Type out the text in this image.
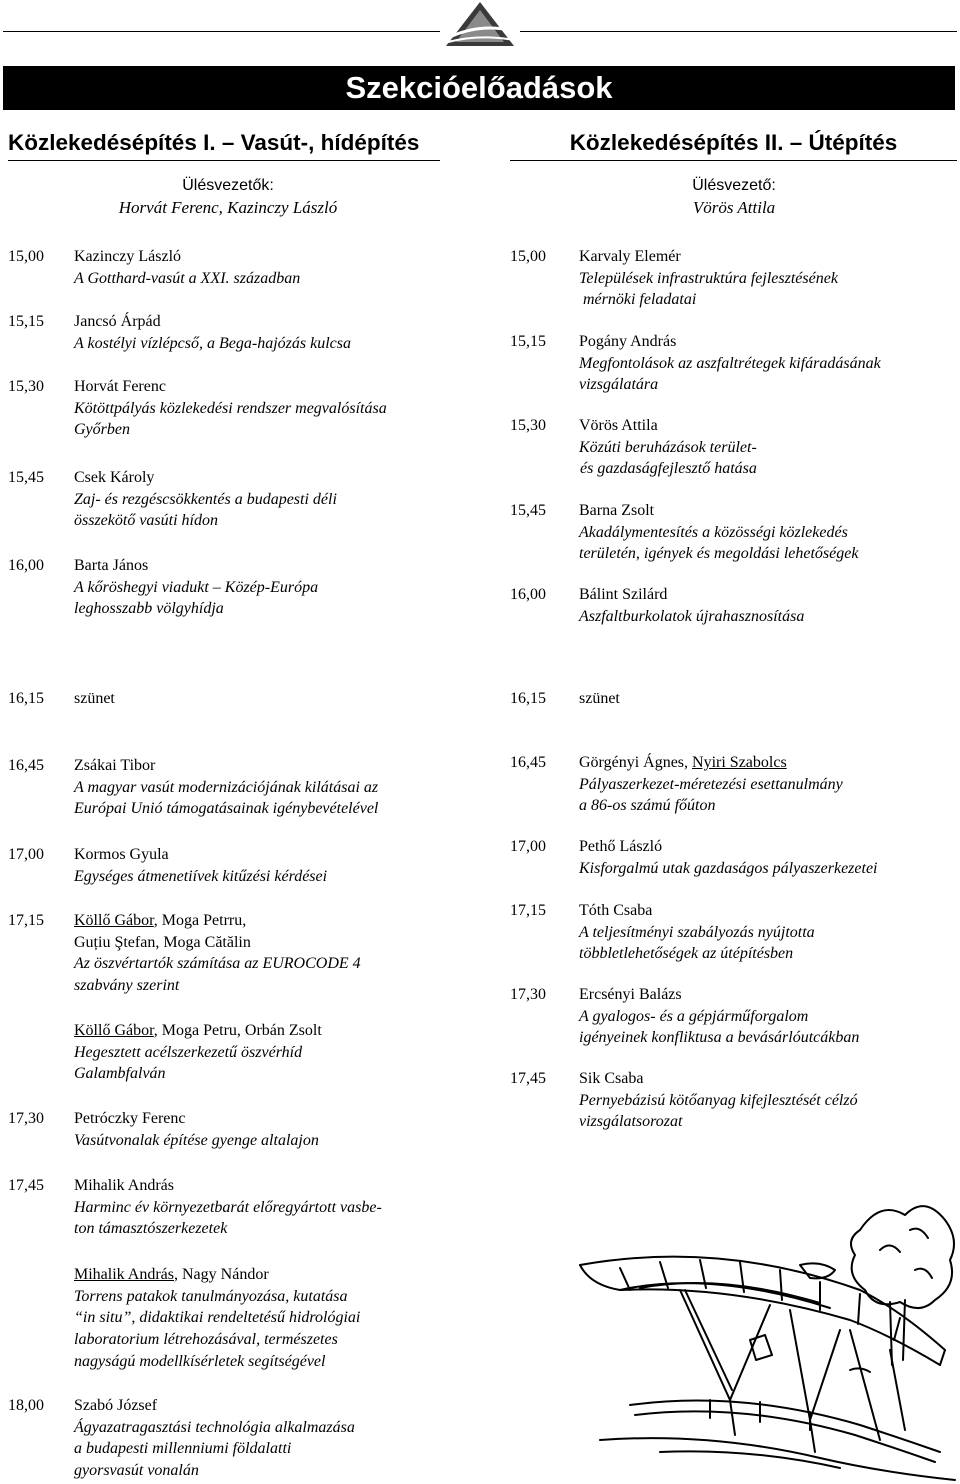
Szekcióelőadások
Közlekedésépítés I. – Vasút-, hídépítés
Ülésvezetők:
Horvát Ferenc, Kazinczy László
15,00	Kazinczy László
A Gotthard-vasút a XXI. században
15,15	Jancsó Árpád
A kostélyi vízlépcső, a Bega-hajózás kulcsa
15,30	Horvát Ferenc
Kötöttpályás közlekedési rendszer megvalósítása
Győrben
15,45	Csek Károly
Zaj- és rezgéscsökkentés a budapesti déli
összekötő vasúti hídon
16,00	Barta János
A kőröshegyi viadukt – Közép-Európa
leghosszabb völgyhídja
16,15	szünet
16,45	Zsákai Tibor
A magyar vasút modernizációjának kilátásai az
Európai Unió támogatásainak igénybevételével
17,00	Kormos Gyula
Egységes átmenetiívek kitűzési kérdései
17,15	Köllő Gábor, Moga Petrru,
Guțiu Ştefan, Moga Cătălin
Az öszvértartók számítása az EUROCODE 4
szabvány szerint
Köllő Gábor, Moga Petru, Orbán Zsolt
Hegesztett acélszerkezetű öszvérhíd
Galambfalván
17,30	Petróczky Ferenc
Vasútvonalak építése gyenge altalajon
17,45	Mihalik András
Harminc év környezetbarát előregyártott vasbe-
ton támasztószerkezetek
Mihalik András, Nagy Nándor
Torrens patakok tanulmányozása, kutatása
“in situ”, didaktikai rendeltetésű hidrológiai
laboratorium létrehozásával, természetes
nagyságú modellkísérletek segítségével
18,00	Szabó József
Ágyazatragasztási technológia alkalmazása
a budapesti millenniumi földalatti
gyorsvasút vonalán
Közlekedésépítés II. – Útépítés
Ülésvezető:
Vörös Attila
15,00	Karvaly Elemér
Települések infrastruktúra fejlesztésének
mérnöki feladatai
15,15	Pogány András
Megfontolások az aszfaltrétegek kifáradásának
vizsgálatára
15,30	Vörös Attila
Közúti beruházások terület-
és gazdaságfejlesztő hatása
15,45	Barna Zsolt
Akadálymentesítés a közösségi közlekedés
területén, igények és megoldási lehetőségek
16,00	Bálint Szilárd
Aszfaltburkolatok újrahasznosítása
16,15	szünet
16,45	Görgényi Ágnes, Nyiri Szabolcs
Pályaszerkezet-méretezési esettanulmány
a 86-os számú főúton
17,00	Pethő László
Kisforgalmú utak gazdaságos pályaszerkezetei
17,15	Tóth Csaba
A teljesítményi szabályozás nyújtotta
többletlehetőségek az útépítésben
17,30	Ercsényi Balázs
A gyalogos- és a gépjárműforgalom
igényeinek konfliktusa a bevásárlóutcákban
17,45	Sik Csaba
Pernyebázisú kötőanyag kifejlesztését célzó
vizsgálatsorozat
